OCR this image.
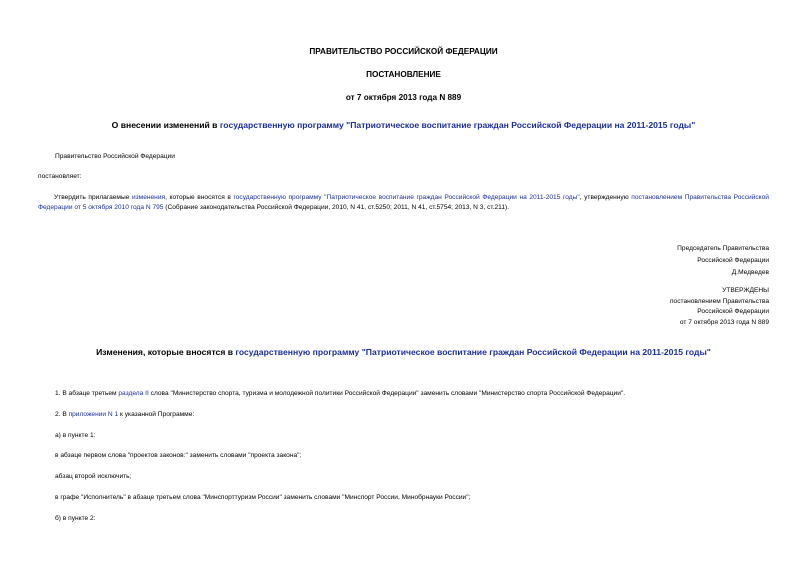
ПРАВИТЕЛЬСТВО РОССИЙСКОЙ ФЕДЕРАЦИИ
ПОСТАНОВЛЕНИЕ
от 7 октября 2013 года N 889
О внесении изменений в государственную программу "Патриотическое воспитание граждан Российской Федерации на 2011-2015 годы"
Правительство Российской Федерации
постановляет:
Утвердить прилагаемые изменения, которые вносятся в государственную программу "Патриотическое воспитание граждан Российской Федерации на 2011-2015 годы", утвержденную постановлением Правительства Российской Федерации от 5 октября 2010 года N 795 (Собрание законодательства Российской Федерации, 2010, N 41, ст.5250; 2011, N 41, ст.5754; 2013, N 3, ст.211).
Председатель Правительства
Российской Федерации
Д.Медведев
УТВЕРЖДЕНЫ
постановлением Правительства
Российской Федерации
от 7 октября 2013 года N 889
Изменения, которые вносятся в государственную программу "Патриотическое воспитание граждан Российской Федерации на 2011-2015 годы"
1. В абзаце третьем раздела II слова "Министерство спорта, туризма и молодежной политики Российской Федерации" заменить словами "Министерство спорта Российской Федерации".
2. В приложении N 1 к указанной Программе:
а) в пункте 1:
в абзаце первом слова "проектов законов:" заменить словами "проекта закона";
абзац второй исключить;
в графе "Исполнитель" в абзаце третьем слова "Минспорттуризм России" заменить словами "Минспорт России, Минобрнауки России";
б) в пункте 2:
